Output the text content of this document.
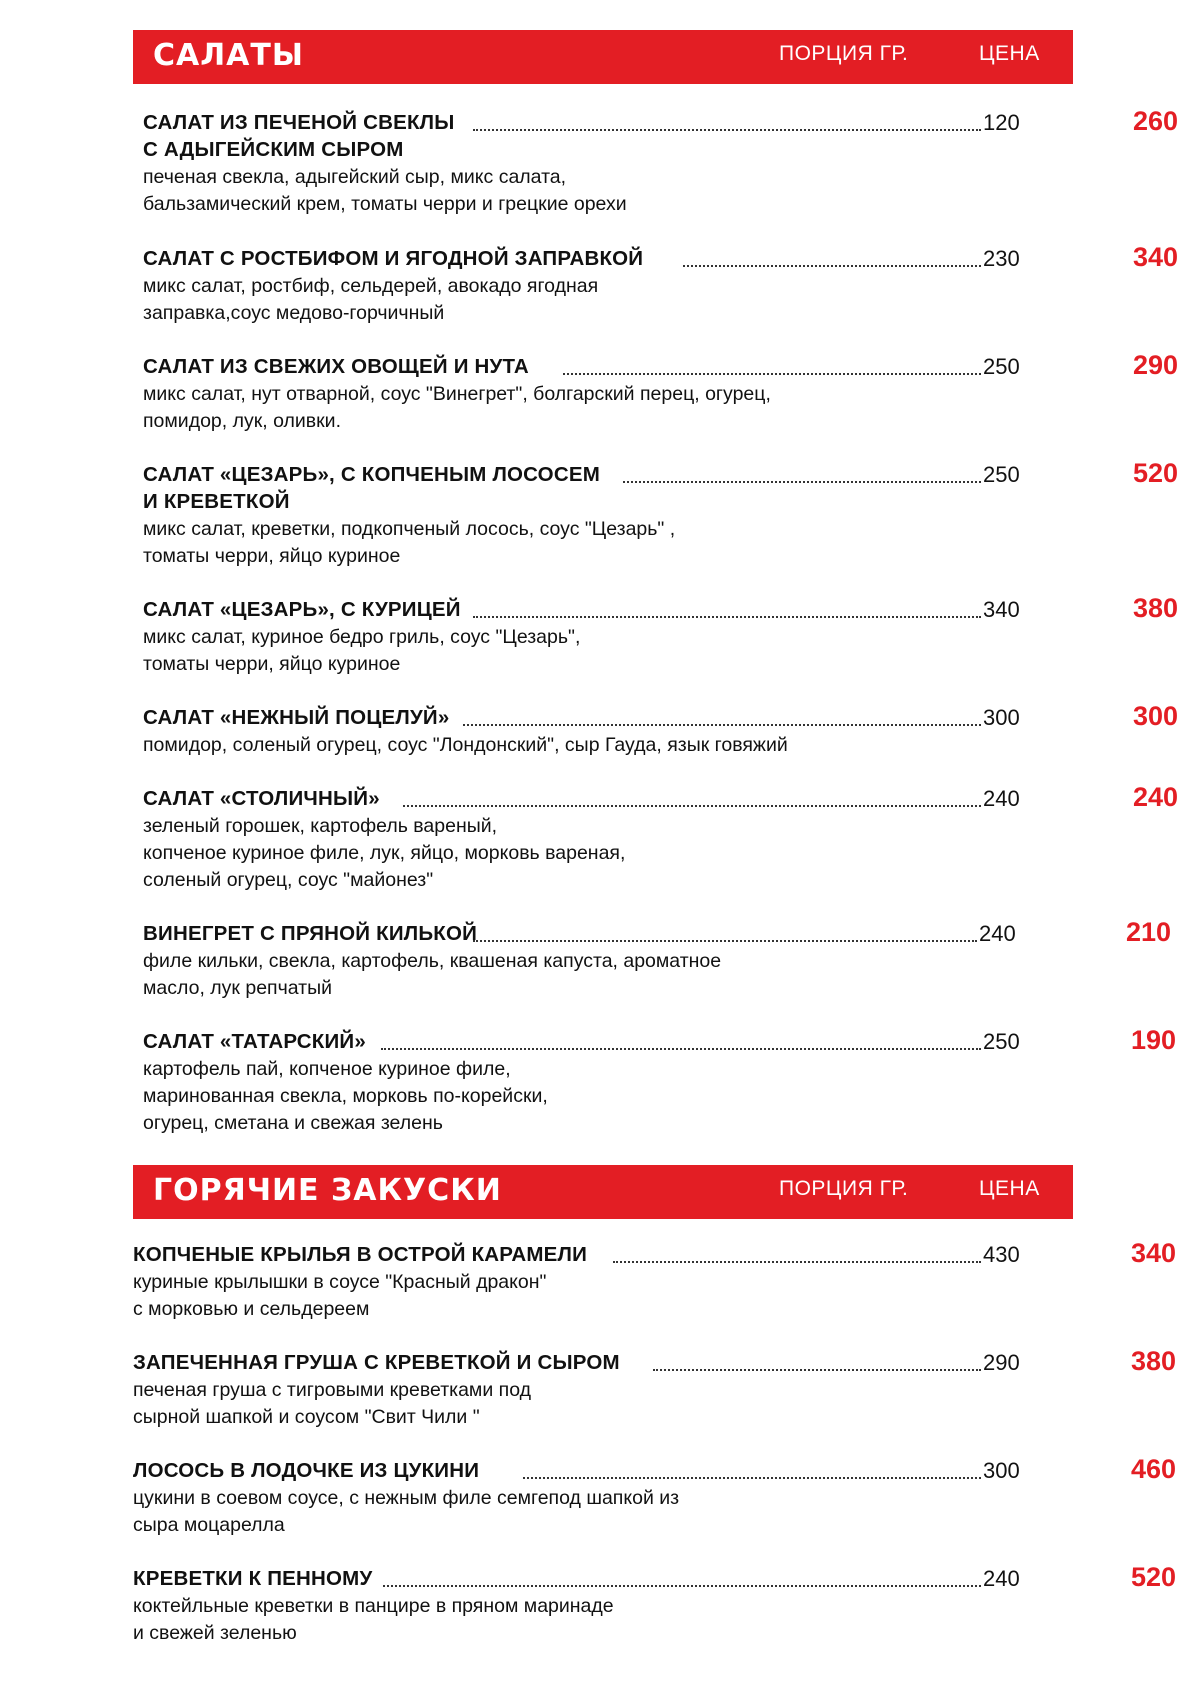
САЛАТЫ	ПОРЦИЯ ГР.	ЦЕНА
САЛАТ ИЗ ПЕЧЕНОЙ СВЕКЛЫ
С АДЫГЕЙСКИМ СЫРОМ
120	260
печеная свекла, адыгейский сыр, микс салата,
бальзамический крем, томаты черри и грецкие орехи
САЛАТ С РОСТБИФОМ И ЯГОДНОЙ ЗАПРАВКОЙ	230	340
микс салат, ростбиф, сельдерей, авокадо ягодная
заправка,соус медово-горчичный
САЛАТ ИЗ СВЕЖИХ ОВОЩЕЙ И НУТА	250	290
микс салат, нут отварной, соус "Винегрет", болгарский перец, огурец,
помидор, лук, оливки.
САЛАТ «ЦЕЗАРЬ», С КОПЧЕНЫМ ЛОСОСЕМ
И КРЕВЕТКОЙ
250	520
микс салат, креветки, подкопченый лосось, соус "Цезарь" ,
томаты черри, яйцо куриное
САЛАТ «ЦЕЗАРЬ», С КУРИЦЕЙ	340	380
микс салат, куриное бедро гриль, соус "Цезарь",
томаты черри, яйцо куриное
САЛАТ «НЕЖНЫЙ ПОЦЕЛУЙ»	300	300
помидор, соленый огурец, соус "Лондонский", сыр Гауда, язык говяжий
САЛАТ «СТОЛИЧНЫЙ»	240	240
зеленый горошек, картофель вареный,
копченое куриное филе, лук, яйцо, морковь вареная,
соленый огурец, соус "майонез"
ВИНЕГРЕТ С ПРЯНОЙ КИЛЬКОЙ	240	210
филе кильки, свекла, картофель, квашеная капуста, ароматное
масло, лук репчатый
САЛАТ «ТАТАРСКИЙ»	250	190
картофель пай, копченое куриное филе,
маринованная свекла, морковь по-корейски,
огурец, сметана и свежая зелень
ГОРЯЧИЕ ЗАКУСКИ	ПОРЦИЯ ГР.	ЦЕНА
КОПЧЕНЫЕ КРЫЛЬЯ В ОСТРОЙ КАРАМЕЛИ	430	340
куриные крылышки в соусе "Красный дракон"
с морковью и сельдереем
ЗАПЕЧЕННАЯ ГРУША С КРЕВЕТКОЙ И СЫРОМ	290	380
печеная груша с тигровыми креветками под
сырной шапкой и соусом "Свит Чили "
ЛОСОСЬ В ЛОДОЧКЕ ИЗ ЦУКИНИ	300	460
цукини в соевом соусе, с нежным филе семгепод шапкой из
сыра моцарелла
КРЕВЕТКИ К ПЕННОМУ	240	520
коктейльные креветки в панцире в пряном маринаде
и свежей зеленью
